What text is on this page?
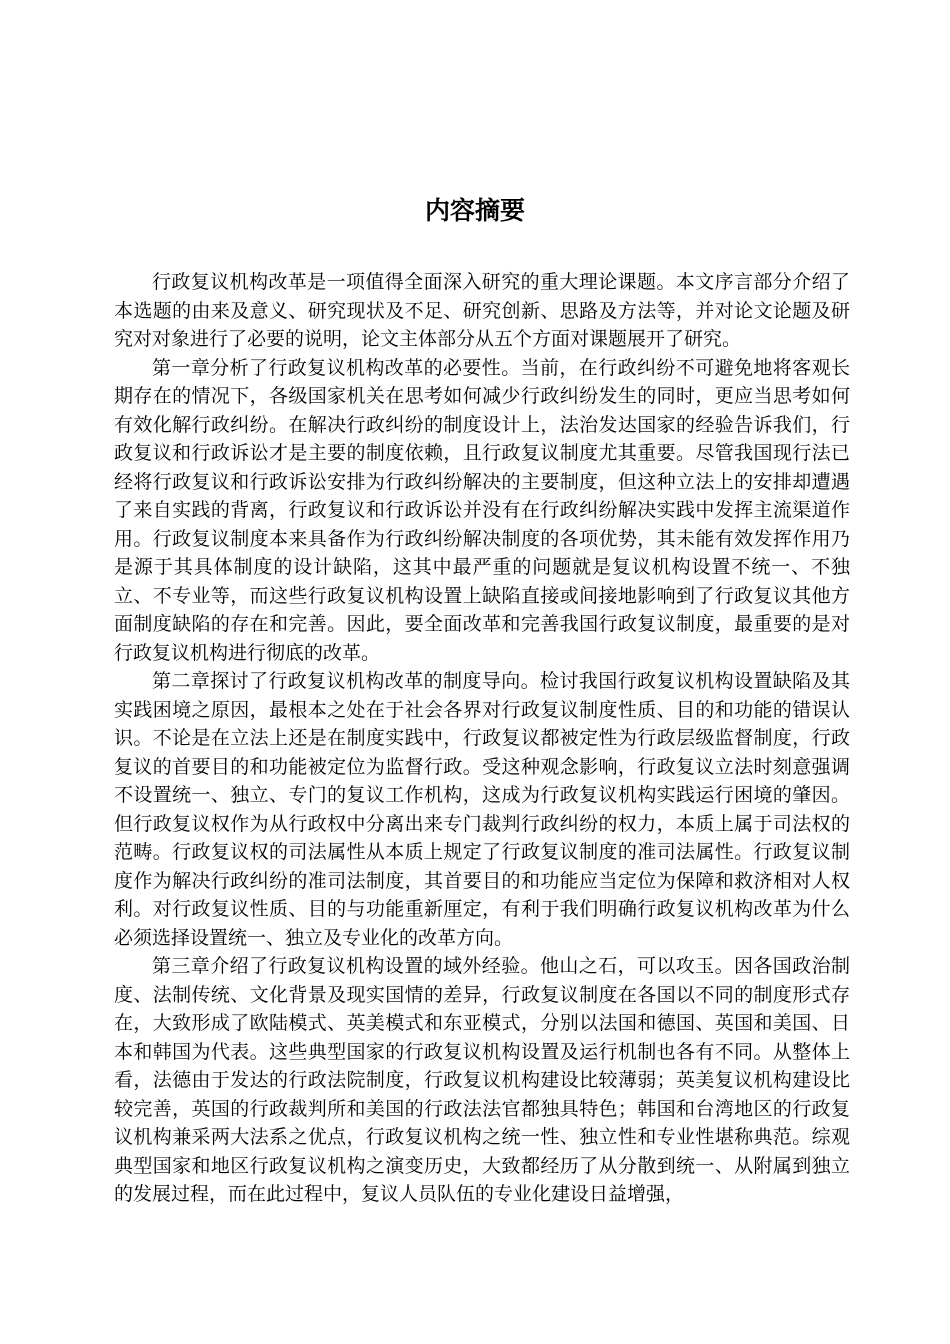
内容摘要

行政复议机构改革是一项值得全面深入研究的重大理论课题。本文序言部分介绍了本选题的由来及意义、研究现状及不足、研究创新、思路及方法等，并对论文论题及研究对对象进行了必要的说明，论文主体部分从五个方面对课题展开了研究。

第一章分析了行政复议机构改革的必要性。当前，在行政纠纷不可避免地将客观长期存在的情况下，各级国家机关在思考如何减少行政纠纷发生的同时，更应当思考如何有效化解行政纠纷。在解决行政纠纷的制度设计上，法治发达国家的经验告诉我们，行政复议和行政诉讼才是主要的制度依赖，且行政复议制度尤其重要。尽管我国现行法已经将行政复议和行政诉讼安排为行政纠纷解决的主要制度，但这种立法上的安排却遭遇了来自实践的背离，行政复议和行政诉讼并没有在行政纠纷解决实践中发挥主流渠道作用。行政复议制度本来具备作为行政纠纷解决制度的各项优势，其未能有效发挥作用乃是源于其具体制度的设计缺陷，这其中最严重的问题就是复议机构设置不统一、不独立、不专业等，而这些行政复议机构设置上缺陷直接或间接地影响到了行政复议其他方面制度缺陷的存在和完善。因此，要全面改革和完善我国行政复议制度，最重要的是对行政复议机构进行彻底的改革。

第二章探讨了行政复议机构改革的制度导向。检讨我国行政复议机构设置缺陷及其实践困境之原因，最根本之处在于社会各界对行政复议制度性质、目的和功能的错误认识。不论是在立法上还是在制度实践中，行政复议都被定性为行政层级监督制度，行政复议的首要目的和功能被定位为监督行政。受这种观念影响，行政复议立法时刻意强调不设置统一、独立、专门的复议工作机构，这成为行政复议机构实践运行困境的肇因。但行政复议权作为从行政权中分离出来专门裁判行政纠纷的权力，本质上属于司法权的范畴。行政复议权的司法属性从本质上规定了行政复议制度的准司法属性。行政复议制度作为解决行政纠纷的准司法制度，其首要目的和功能应当定位为保障和救济相对人权利。对行政复议性质、目的与功能重新厘定，有利于我们明确行政复议机构改革为什么必须选择设置统一、独立及专业化的改革方向。

第三章介绍了行政复议机构设置的域外经验。他山之石，可以攻玉。因各国政治制度、法制传统、文化背景及现实国情的差异，行政复议制度在各国以不同的制度形式存在，大致形成了欧陆模式、英美模式和东亚模式，分别以法国和德国、英国和美国、日本和韩国为代表。这些典型国家的行政复议机构设置及运行机制也各有不同。从整体上看，法德由于发达的行政法院制度，行政复议机构建设比较薄弱；英美复议机构建设比较完善，英国的行政裁判所和美国的行政法法官都独具特色；韩国和台湾地区的行政复议机构兼采两大法系之优点，行政复议机构之统一性、独立性和专业性堪称典范。综观典型国家和地区行政复议机构之演变历史，大致都经历了从分散到统一、从附属到独立的发展过程，而在此过程中，复议人员队伍的专业化建设日益增强，
